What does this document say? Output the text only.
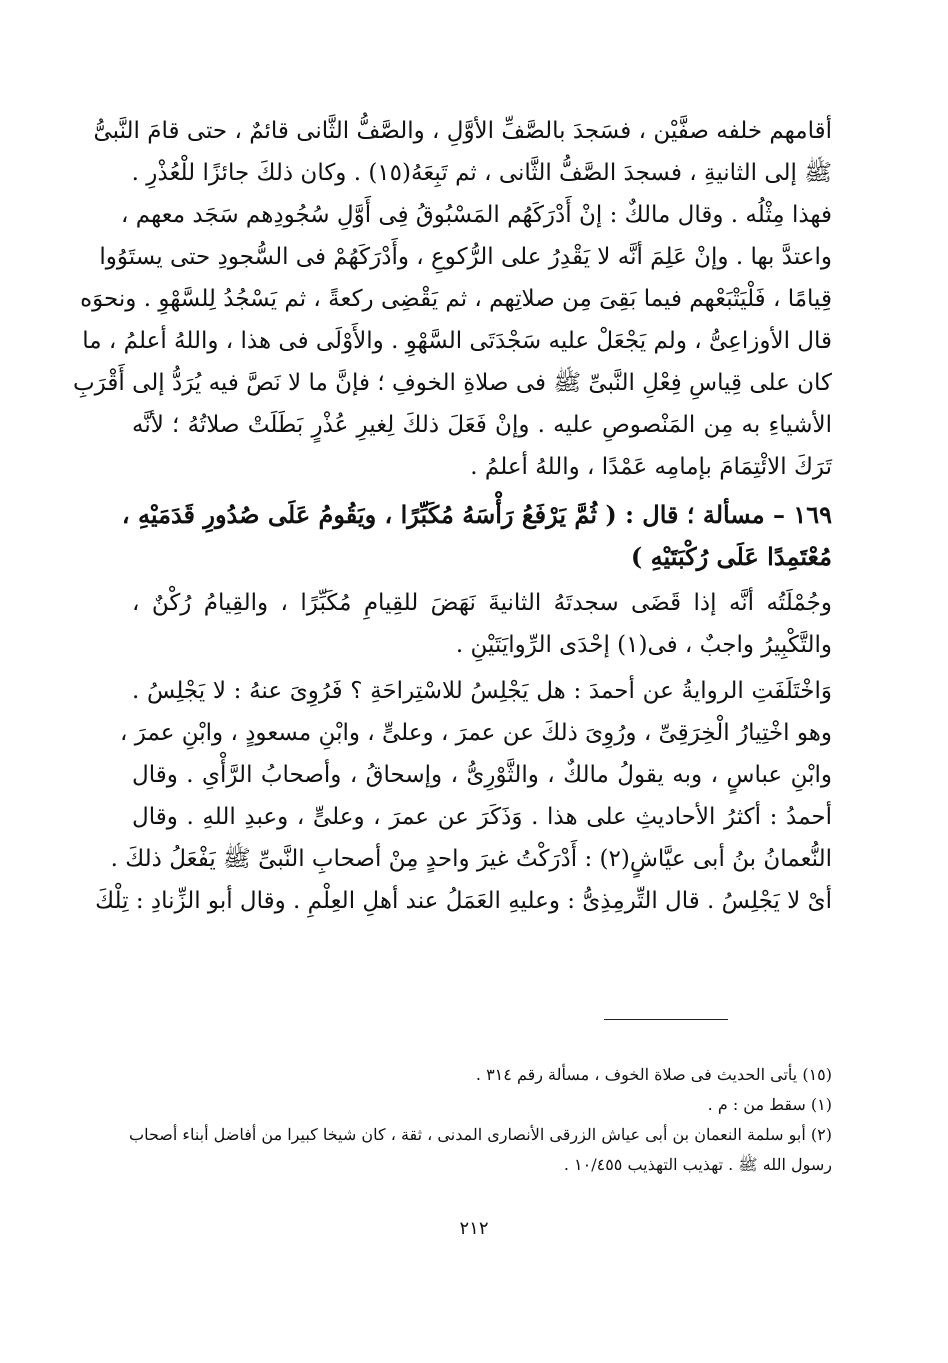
أقامهم خلفه صفَّيْن ، فسَجدَ بالصَّفِّ الأوَّلِ ، والصَّفُّ الثَّانى قائمٌ ، حتى قامَ النَّبىُّ
ﷺ إلى الثانيةِ ، فسجدَ الصَّفُّ الثَّانى ، ثم تَبِعَهُ(١٥) . وكان ذلكَ جائزًا للْعُذْرِ .
فهذا مِثْلُه . وقال مالكٌ : إنْ أَدْرَكَهُم المَسْبُوقُ فِى أَوَّلِ سُجُودِهم سَجَد معهم ،
واعتدَّ بها . وإنْ عَلِمَ أنَّه لا يَقْدِرُ على الرُّكوعِ ، وأَدْرَكَهُمْ فى السُّجودِ حتى يستَوُوا
قِيامًا ، فَلْيَتْبَعْهم فيما بَقِىَ مِن صلاتِهم ، ثم يَقْضِى ركعةً ، ثم يَسْجُدُ لِلسَّهْوِ . ونحوَه
قال الأوزاعِىُّ ، ولم يَجْعَلْ عليه سَجْدَتَى السَّهْوِ . والأَوْلَى فى هذا ، واللهُ أعلمُ ، ما
كان على قِياسِ فِعْلِ النَّبىِّ ﷺ فى صلاةِ الخوفِ ؛ فإنَّ ما لا نَصَّ فيه يُرَدُّ إلى أَقْرَبِ
الأشياءِ به مِن المَنْصوصِ عليه . وإنْ فَعَلَ ذلكَ لِغيرِ عُذْرٍ بَطَلَتْ صلاتُهُ ؛ لأنَّه
تَرَكَ الائْتِمَامَ بإمامِه عَمْدًا ، واللهُ أعلمُ .
١٦٩ – مسألة ؛ قال : ( ثُمَّ يَرْفَعُ رَأْسَهُ مُكَبِّرًا ، ويَقُومُ عَلَى صُدُورِ قَدَمَيْهِ ،
مُعْتَمِدًا عَلَى رُكْبَتَيْهِ )
وجُمْلَتُه أنَّه إذا قَضَى سجدتَهُ الثانيةَ نَهَضَ للقِيامِ مُكَبِّرًا ، والقِيامُ رُكْنٌ ،
والتَّكْبِيرُ واجبٌ ، فى(١) إحْدَى الرِّوايَتَيْنِ .
وَاخْتَلَفَتِ الروايةُ عن أحمدَ : هل يَجْلِسُ للاسْتِراحَةِ ؟ فَرُوِىَ عنهُ : لا يَجْلِسُ .
وهو اخْتِيارُ الْخِرَقِىِّ ، ورُوِىَ ذلكَ عن عمرَ ، وعلىٍّ ، وابْنِ مسعودٍ ، وابْنِ عمرَ ،
وابْنِ عباسٍ ، وبه يقولُ مالكٌ ، والثَّوْرِىُّ ، وإسحاقُ ، وأصحابُ الرَّأْىِ . وقال
أحمدُ : أكثرُ الأحاديثِ على هذا . وَذَكَرَ عن عمرَ ، وعلىٍّ ، وعبدِ اللهِ . وقال
النُّعمانُ بنُ أبى عيَّاشٍ(٢) : أَدْرَكْتُ غيرَ واحدٍ مِنْ أصحابِ النَّبىِّ ﷺ يَفْعَلُ ذلكَ .
أىْ لا يَجْلِسُ . قال التِّرمِذِىُّ : وعليهِ العَمَلُ عند أهلِ العِلْمِ . وقال أبو الزِّنادِ : تِلْكَ
(١٥) يأتى الحديث فى صلاة الخوف ، مسألة رقم ٣١٤ .
(١) سقط من : م .
(٢) أبو سلمة النعمان بن أبى عياش الزرقى الأنصارى المدنى ، ثقة ، كان شيخا كبيرا من أفاضل أبناء أصحاب
رسول الله ﷺ . تهذيب التهذيب ١٠/٤٥٥ .
٢١٢
